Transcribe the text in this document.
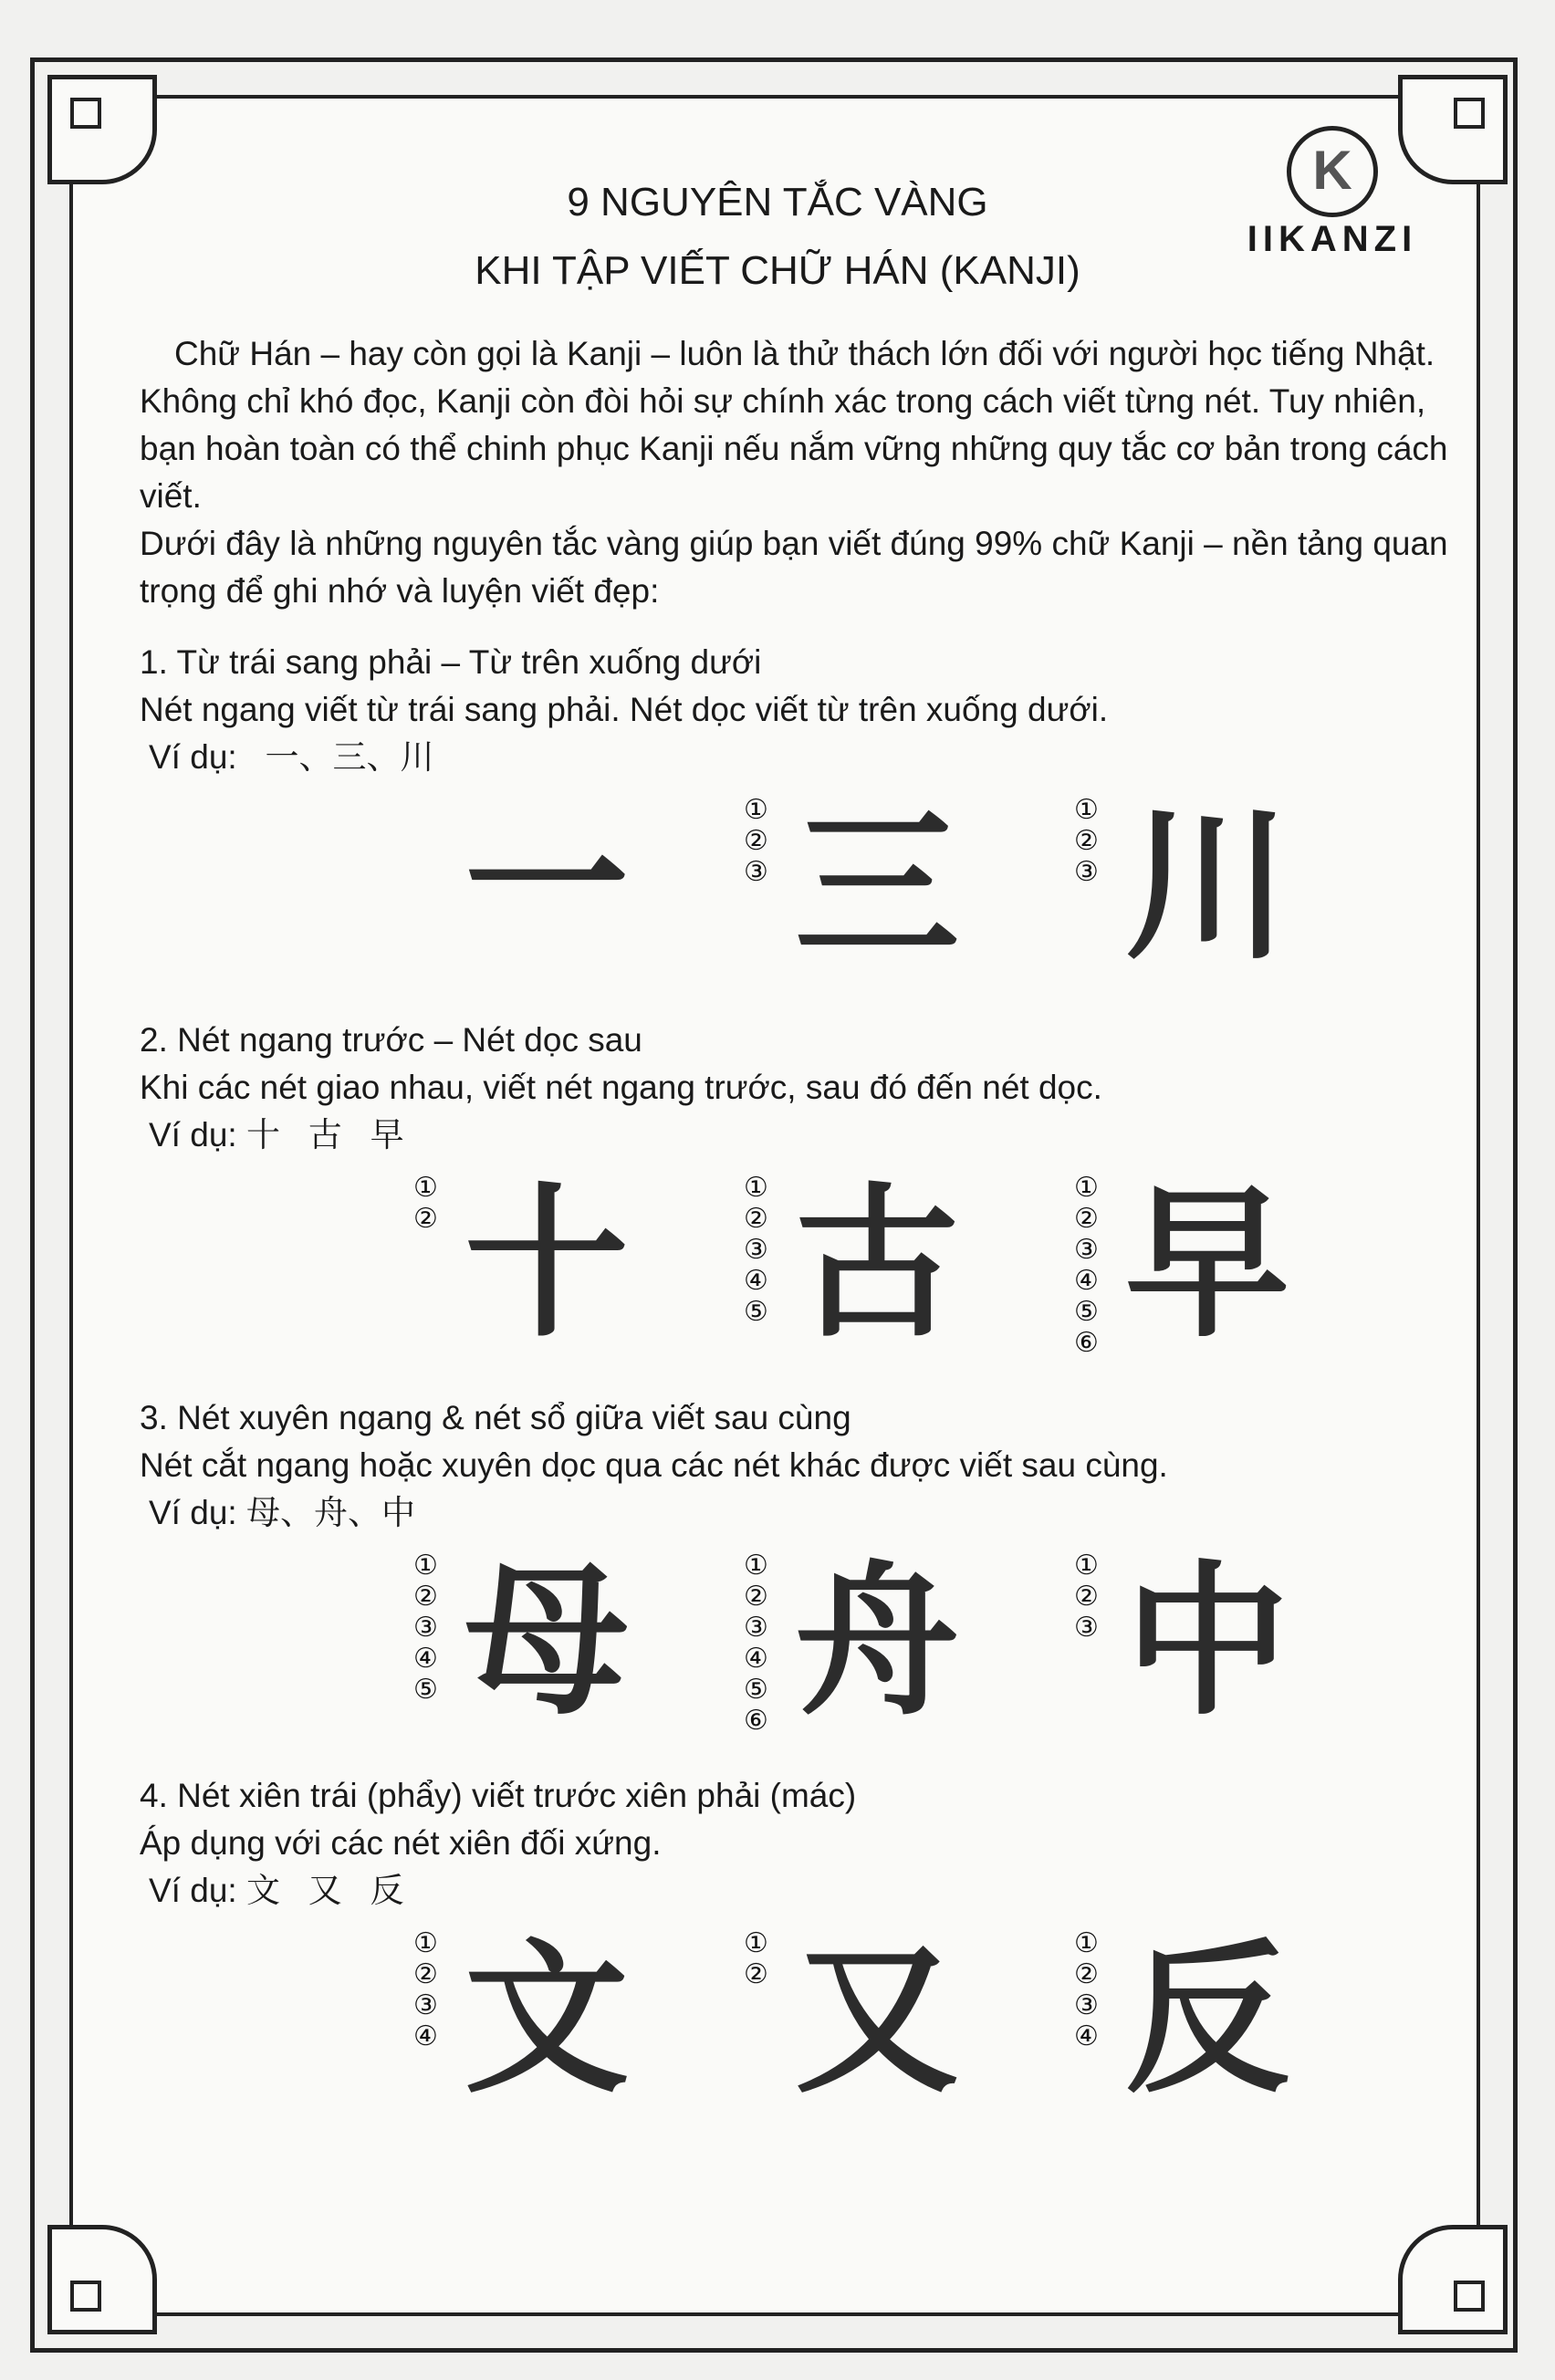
9 NGUYÊN TẮC VÀNG
KHI TẬP VIẾT CHỮ HÁN (KANJI)
K
IIKANZI

Chữ Hán – hay còn gọi là Kanji – luôn là thử thách lớn đối với người học tiếng Nhật. Không chỉ khó đọc, Kanji còn đòi hỏi sự chính xác trong cách viết từng nét. Tuy nhiên, bạn hoàn toàn có thể chinh phục Kanji nếu nắm vững những quy tắc cơ bản trong cách viết.

Dưới đây là những nguyên tắc vàng giúp bạn viết đúng 99% chữ Kanji – nền tảng quan trọng để ghi nhớ và luyện viết đẹp:

1. Từ trái sang phải – Từ trên xuống dưới
Nét ngang viết từ trái sang phải. Nét dọc viết từ trên xuống dưới.
Ví dụ:   一、三、川
一 三
①
②
③ 川
①
②
③
2. Nét ngang trước – Nét dọc sau
Khi các nét giao nhau, viết nét ngang trước, sau đó đến nét dọc.
Ví dụ: 十   古   早
十
①
② 古
①
②
③
④
⑤ 早
①
②
③
④
⑤
⑥
3. Nét xuyên ngang & nét sổ giữa viết sau cùng
Nét cắt ngang hoặc xuyên dọc qua các nét khác được viết sau cùng.
Ví dụ: 母、舟、中
母
①
②
③
④
⑤ 舟
①
②
③
④
⑤
⑥ 中
①
②
③
4. Nét xiên trái (phẩy) viết trước xiên phải (mác)
Áp dụng với các nét xiên đối xứng.
Ví dụ: 文   又   反
文
①
②
③
④ 又
①
② 反
①
②
③
④
